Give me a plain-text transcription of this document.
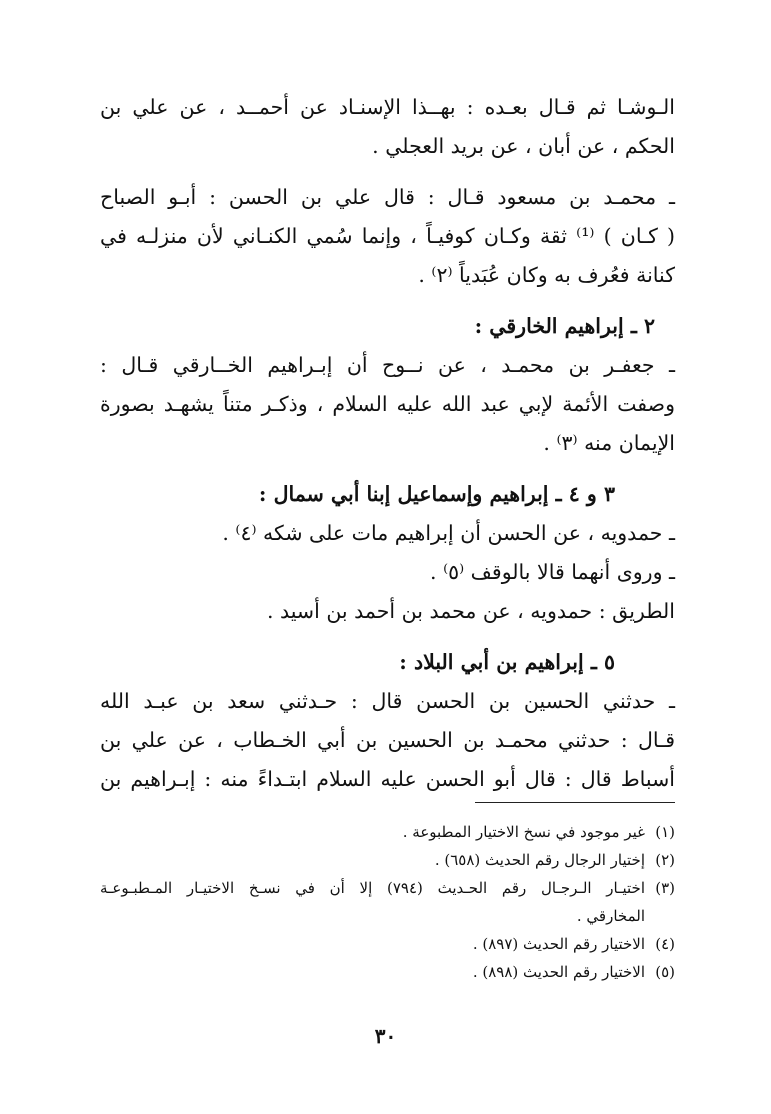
الـوشـا ثم قـال بعـده : بهــذا الإسنـاد عن أحمــد ، عن علي بن

الحكم ، عن أبان ، عن بريد العجلي .

ـ محمـد بن مسعود قـال : قال علي بن الحسن : أبـو الصباح

( كـان ) ⁽¹⁾ ثقة وكـان كوفيـاً ، وإنما سُمي الكنـاني لأن منزلـه في

كنانة فعُرف به وكان عُبَدياً ⁽٢⁾ .

٢ ـ إبراهيم الخارقي :

ـ جعفـر بن محمـد ، عن نــوح أن إبـراهيم الخــارقي قـال :

وصفت الأئمة لإبي عبد الله عليه السلام ، وذكـر متناً يشهـد بصورة

الإيمان منه ⁽٣⁾ .

٣ و ٤ ـ إبراهيم وإسماعيل إبنا أبي سمال :

ـ حمدويه ، عن الحسن أن إبراهيم مات على شكه ⁽٤⁾ .

ـ وروى أنهما قالا بالوقف ⁽٥⁾ .

الطريق : حمدويه ، عن محمد بن أحمد بن أسيد .

٥ ـ إبراهيم بن أبي البلاد :

ـ حدثني الحسين بن الحسن قال : حـدثني سعد بن عبـد الله

قـال : حدثني محمـد بن الحسين بن أبي الخـطاب ، عن علي بن

أسباط قال : قال أبو الحسن عليه السلام ابتـداءً منه : إبـراهيم بن

(١)
غير موجود في نسخ الاختيار المطبوعة .

(٢)
إختيار الرجال رقم الحديث (٦٥٨) .

(٣)
اختيـار الـرجـال رقم الحـديث (٧٩٤) إلا أن في نسـخ الاختيـار المـطبـوعـة

المخارقي .

(٤)
الاختيار رقم الحديث (٨٩٧) .

(٥)
الاختيار رقم الحديث (٨٩٨) .

٣٠
